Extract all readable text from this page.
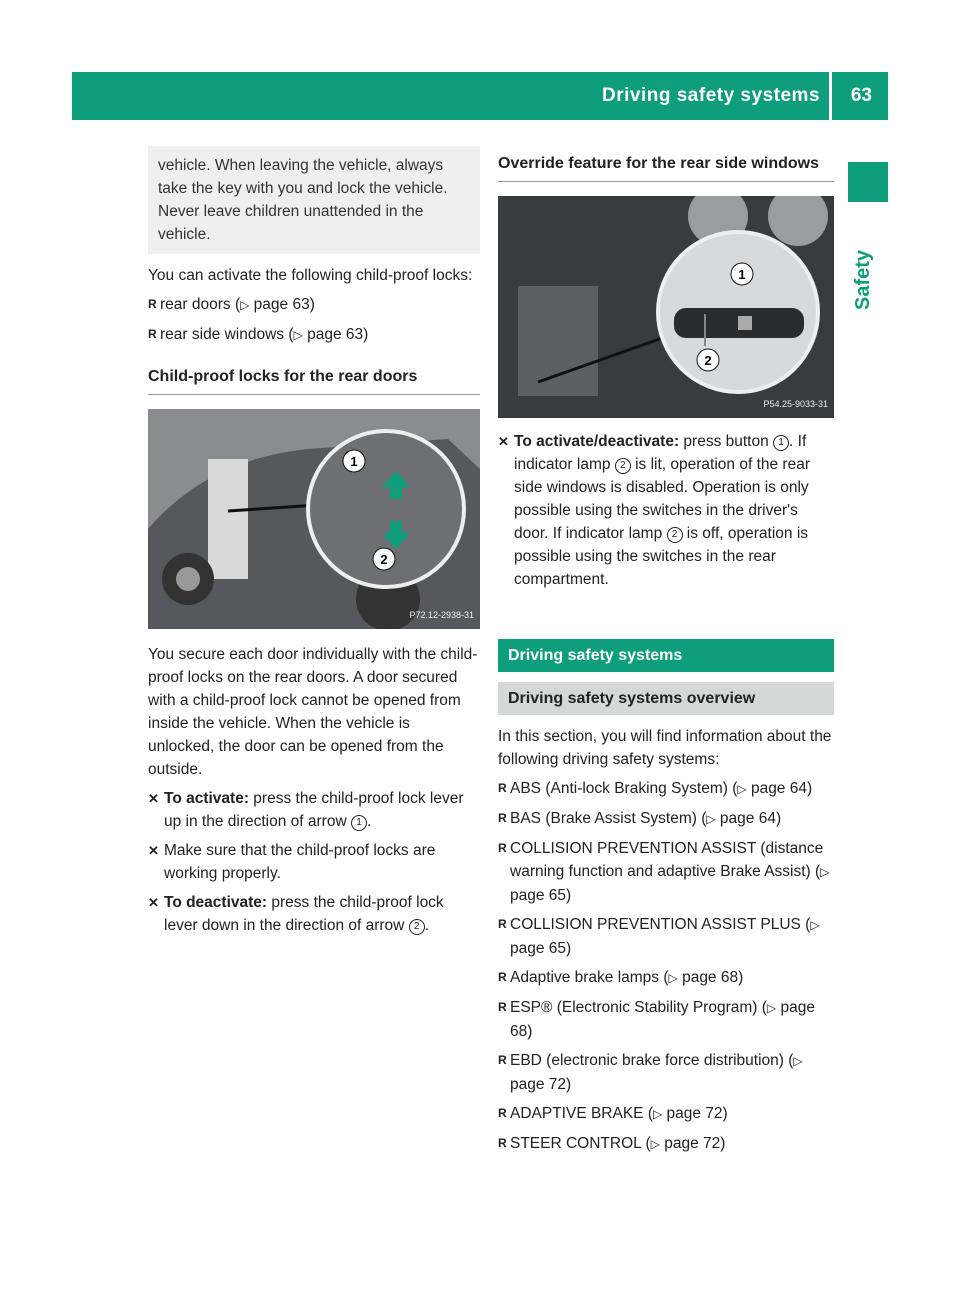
Driving safety systems 63
Safety
vehicle. When leaving the vehicle, always take the key with you and lock the vehicle. Never leave children unattended in the vehicle.

You can activate the following child-proof locks:

R rear doors (▷ page 63)
R rear side windows (▷ page 63)
Child-proof locks for the rear doors
1
2
P72.12-2938-31

You secure each door individually with the child-proof locks on the rear doors. A door secured with a child-proof lock cannot be opened from inside the vehicle. When the vehicle is unlocked, the door can be opened from the outside.

✕ To activate: press the child-proof lock lever up in the direction of arrow 1 .
✕ Make sure that the child-proof locks are working properly.
✕ To deactivate: press the child-proof lock lever down in the direction of arrow 2 .
Override feature for the rear side windows
1
2
P54.25-9033-31
✕ To activate/deactivate: press button 1 . If indicator lamp 2 is lit, operation of the rear side windows is disabled. Operation is only possible using the switches in the driver's door. If indicator lamp 2 is off, operation is possible using the switches in the rear compartment.
Driving safety systems
Driving safety systems overview

In this section, you will find information about the following driving safety systems:

R ABS (Anti-lock Braking System) (▷ page 64)
R BAS (Brake Assist System) (▷ page 64)
R COLLISION PREVENTION ASSIST (distance warning function and adaptive Brake Assist) (▷ page 65)
R COLLISION PREVENTION ASSIST PLUS (▷ page 65)
R Adaptive brake lamps (▷ page 68)
R ESP® (Electronic Stability Program) (▷ page 68)
R EBD (electronic brake force distribution) (▷ page 72)
R ADAPTIVE BRAKE (▷ page 72)
R STEER CONTROL (▷ page 72)
